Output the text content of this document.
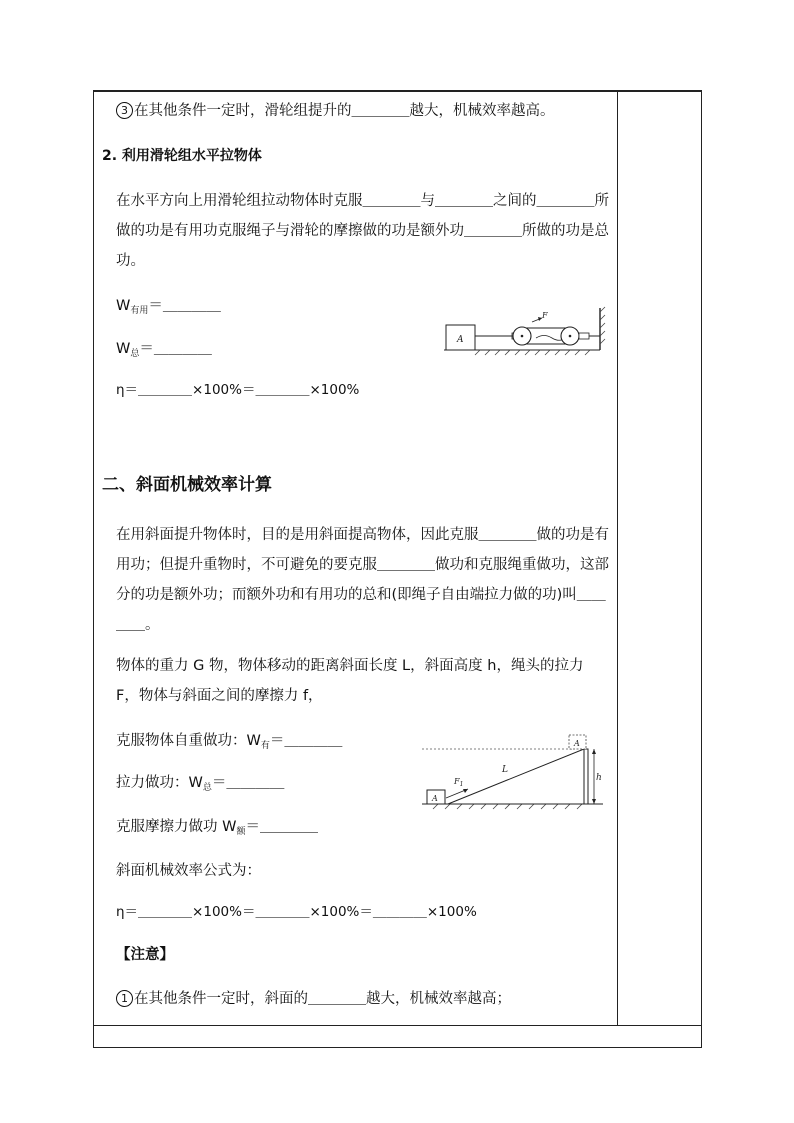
3 在其他条件一定时，滑轮组提升的＿＿＿＿越大，机械效率越高。
2. 利用滑轮组水平拉物体
在水平方向上用滑轮组拉动物体时克服＿＿＿＿与＿＿＿＿之间的＿＿＿＿所做的功是有用功克服绳子与滑轮的摩擦做的功是额外功＿＿＿＿所做的功是总功。
$W_{有用}=\_\_\_\_$
$W_总=\_\_\_\_$
η＝＿＿＿＿×100%＝＿＿＿＿×100%
A
F
二、斜面机械效率计算
在用斜面提升物体时，目的是用斜面提高物体，因此克服＿＿＿＿做的功是有用功；但提升重物时，不可避免的要克服＿＿＿＿做功和克服绳重做功，这部分的功是额外功；而额外功和有用功的总和(即绳子自由端拉力做的功)叫＿＿＿＿。
物体的重力 G 物，物体移动的距离斜面长度 L，斜面高度 h，绳头的拉力 F，物体与斜面之间的摩擦力 f，
克服物体自重做功：$W_有=\_\_\_\_$
拉力做功：$W_总=\_\_\_\_$
克服摩擦力做功 $W_额=\_\_\_\_$
A
A
$F_1$
L
h
斜面机械效率公式为：
η＝＿＿＿＿×100%＝＿＿＿＿×100%＝＿＿＿＿×100%
【注意】
1 在其他条件一定时，斜面的＿＿＿＿越大，机械效率越高；
